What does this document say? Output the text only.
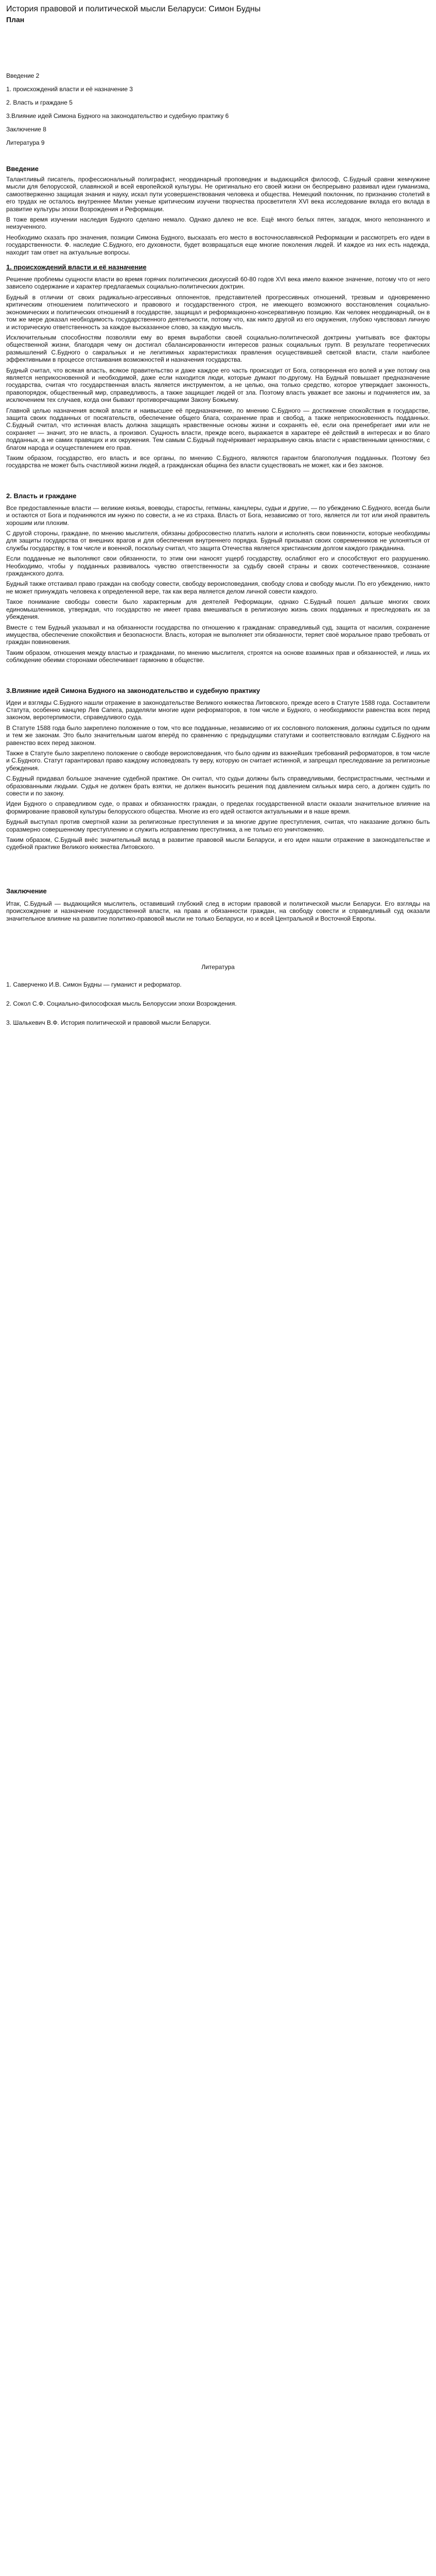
История правовой и политической мысли Беларуси: Симон Будны
План
Введение 2
1. происхождений власти и её назначение 3
2. Власть и граждане 5
3.Влияние идей Симона Будного на законодательство и судебную практику 6
Заключение 8
Литература 9
Введение

Талантливый писатель, профессиональный полиграфист, неординарный проповедник и выдающийся философ, С.Будный сравни жемчужине мысли для белорусской, славянской и всей европейской культуры. Не оригинально его своей жизни он беспрерывно развивал идеи гуманизма, самоотверженно защищая знания и науку, искал пути усовершенствования человека и общества. Немецкий поклонник, по признанию столетий в его трудах не осталось внутреннее Милин ученые критическим изучени творчества просветителя XVI века исследование вклада его вклада в развитие культуры эпохи Возрождения и Реформации.

В тоже время изучении наследия Будного сделано немало. Однако далеко не все. Ещё много белых пятен, загадок, много непознанного и неизученного.

Необходимо сказать про значения, позиции Симона Будного, высказать его место в восточнославянской Реформации и рассмотреть его идеи в государственности. Ф. наследие С.Будного, его духовности, будет возвращаться еще многие поколения людей. И каждое из них есть надежда, находит там ответ на актуальные вопросы.

1. происхождений власти и её назначение

Решение проблемы сущности власти во время горячих политических дискуссий 60-80 годов XVI века имело важное значение, потому что от него зависело содержание и характер предлагаемых социально-политических доктрин.

Будный в отличии от своих радикально-агрессивных оппонентов, представителей прогрессивных отношений, трезвым и одновременно критическим отношением политического и правового и государственного строя, не имеющего возможного восстановления социально-экономических и политических отношений в государстве, защищал и реформационно-консервативную позицию. Как человек неординарный, он в том же мере доказал необходимость государственного деятельности, потому что, как никто другой из его окружения, глубоко чувствовал личную и историческую ответственность за каждое высказанное слово, за каждую мысль.

Исключительным способностям позволяли ему во время выработки своей социально-политической доктрины учитывать все факторы общественной жизни, благодаря чему он достигал сбалансированности интересов разных социальных групп. В результате теоретических размышлений С.Будного о сакральных и не легитимных характеристиках правления осуществившей светской власти, стали наиболее эффективными в процессе отстаивания возможностей и назначения государства.

Будный считал, что всякая власть, всякое правительство и даже каждое его часть происходит от Бога, сотворенная его волей и уже потому она является неприкосновенной и необходимой, даже если находится люди, которые думают по-другому. На Будный повышает предназначение государства, считая что государственная власть является инструментом, а не целью, она только средство, которое утверждает законность, правопорядок, общественный мир, справедливость, а также защищает людей от зла. Поэтому власть уважает все законы и подчиняется им, за исключением тех случаев, когда они бывают противоречащими Закону Божьему.

Главной целью назначения всякой власти и наивысшее её предназначение, по мнению С.Будного — достижение спокойствия в государстве, защита своих подданных от посягательств, обеспечение общего блага, сохранение прав и свобод, а также неприкосновенность подданных. С.Будный считал, что истинная власть должна защищать нравственные основы жизни и сохранять её, если она пренебрегает ими или не сохраняет — значит, это не власть, а произвол. Сущность власти, прежде всего, выражается в характере её действий в интересах и во благо подданных, а не самих правящих и их окружения. Тем самым С.Будный подчёркивает неразрывную связь власти с нравственными ценностями, с благом народа и осуществлением его прав.

Таким образом, государство, его власть и все органы, по мнению С.Будного, являются гарантом благополучия подданных. Поэтому без государства не может быть счастливой жизни людей, а гражданская община без власти существовать не может, как и без законов.

2. Власть и граждане

Все предоставленные власти — великие князья, воеводы, старосты, гетманы, канцлеры, судьи и другие, — по убеждению С.Будного, всегда были и остаются от Бога и подчиняются им нужно по совести, а не из страха. Власть от Бога, независимо от того, является ли тот или иной правитель хорошим или плохим.

С другой стороны, граждане, по мнению мыслителя, обязаны добросовестно платить налоги и исполнять свои повинности, которые необходимы для защиты государства от внешних врагов и для обеспечения внутреннего порядка. Будный призывал своих современников не уклоняться от службы государству, в том числе и военной, поскольку считал, что защита Отечества является христианским долгом каждого гражданина.

Если подданные не выполняют свои обязанности, то этим они наносят ущерб государству, ослабляют его и способствуют его разрушению. Необходимо, чтобы у подданных развивалось чувство ответственности за судьбу своей страны и своих соотечественников, сознание гражданского долга.

Будный также отстаивал право граждан на свободу совести, свободу вероисповедания, свободу слова и свободу мысли. По его убеждению, никто не может принуждать человека к определенной вере, так как вера является делом личной совести каждого.

Такое понимание свободы совести было характерным для деятелей Реформации, однако С.Будный пошел дальше многих своих единомышленников, утверждая, что государство не имеет права вмешиваться в религиозную жизнь своих подданных и преследовать их за убеждения.

Вместе с тем Будный указывал и на обязанности государства по отношению к гражданам: справедливый суд, защита от насилия, сохранение имущества, обеспечение спокойствия и безопасности. Власть, которая не выполняет эти обязанности, теряет своё моральное право требовать от граждан повиновения.

Таким образом, отношения между властью и гражданами, по мнению мыслителя, строятся на основе взаимных прав и обязанностей, и лишь их соблюдение обеими сторонами обеспечивает гармонию в обществе.

3.Влияние идей Симона Будного на законодательство и судебную практику

Идеи и взгляды С.Будного нашли отражение в законодательстве Великого княжества Литовского, прежде всего в Статуте 1588 года. Составители Статута, особенно канцлер Лев Сапега, разделяли многие идеи реформаторов, в том числе и Будного, о необходимости равенства всех перед законом, веротерпимости, справедливого суда.

В Статуте 1588 года было закреплено положение о том, что все подданные, независимо от их сословного положения, должны судиться по одним и тем же законам. Это было значительным шагом вперёд по сравнению с предыдущими статутами и соответствовало взглядам С.Будного на равенство всех перед законом.

Также в Статуте было закреплено положение о свободе вероисповедания, что было одним из важнейших требований реформаторов, в том числе и С.Будного. Статут гарантировал право каждому исповедовать ту веру, которую он считает истинной, и запрещал преследование за религиозные убеждения.

С.Будный придавал большое значение судебной практике. Он считал, что судьи должны быть справедливыми, беспристрастными, честными и образованными людьми. Судья не должен брать взятки, не должен выносить решения под давлением сильных мира сего, а должен судить по совести и по закону.

Идеи Будного о справедливом суде, о правах и обязанностях граждан, о пределах государственной власти оказали значительное влияние на формирование правовой культуры белорусского общества. Многие из его идей остаются актуальными и в наше время.

Будный выступал против смертной казни за религиозные преступления и за многие другие преступления, считая, что наказание должно быть соразмерно совершенному преступлению и служить исправлению преступника, а не только его уничтожению.

Таким образом, С.Будный внёс значительный вклад в развитие правовой мысли Беларуси, и его идеи нашли отражение в законодательстве и судебной практике Великого княжества Литовского.

Заключение

Итак, С.Будный — выдающийся мыслитель, оставивший глубокий след в истории правовой и политической мысли Беларуси. Его взгляды на происхождение и назначение государственной власти, на права и обязанности граждан, на свободу совести и справедливый суд оказали значительное влияние на развитие политико-правовой мысли не только Беларуси, но и всей Центральной и Восточной Европы.

Литература
1. Саверченко И.В. Симон Будны — гуманист и реформатор.
2. Сокол С.Ф. Социально-философская мысль Белоруссии эпохи Возрождения.
3. Шалькевич В.Ф. История политической и правовой мысли Беларуси.
